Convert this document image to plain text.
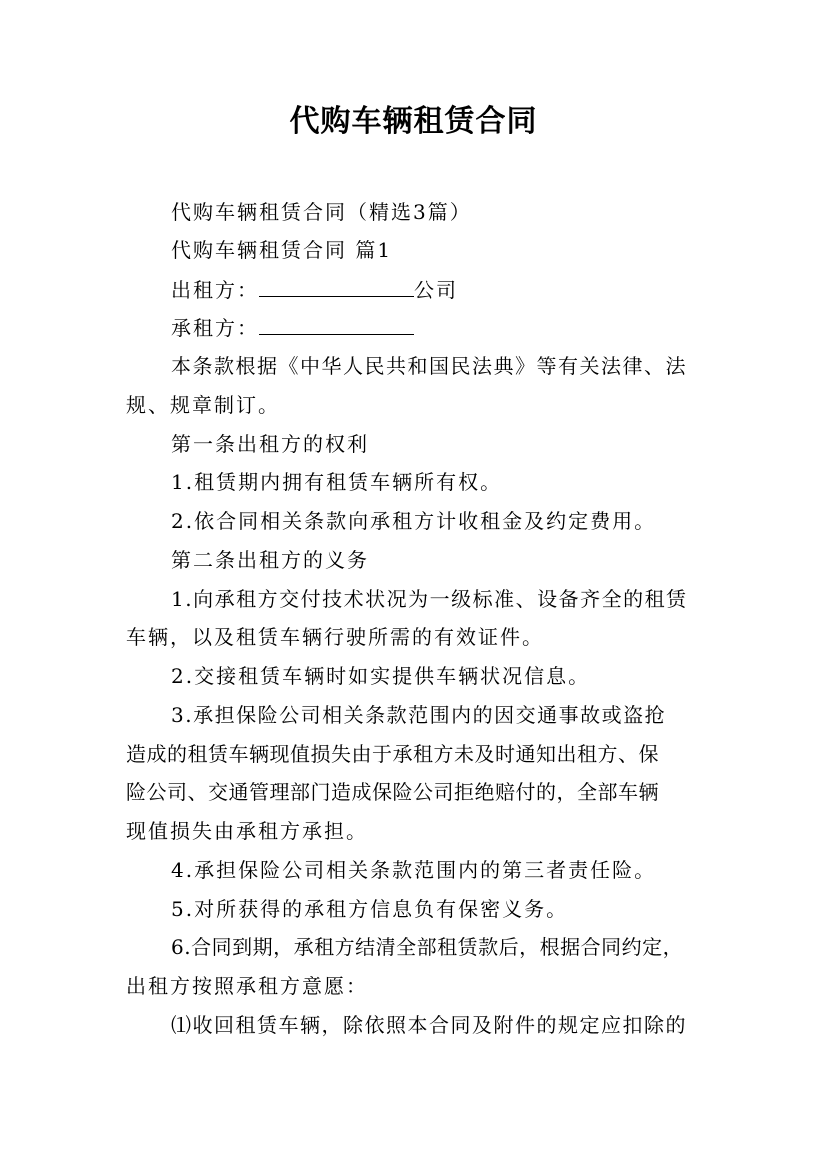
代购车辆租赁合同
代购车辆租赁合同（精选3篇）
代购车辆租赁合同 篇1
出租方：	公司
承租方：
本条款根据《中华人民共和国民法典》等有关法律、法
规、规章制订。
第一条出租方的权利
1.租赁期内拥有租赁车辆所有权。
2.依合同相关条款向承租方计收租金及约定费用。
第二条出租方的义务
1.向承租方交付技术状况为一级标准、设备齐全的租赁
车辆，以及租赁车辆行驶所需的有效证件。
2.交接租赁车辆时如实提供车辆状况信息。
3.承担保险公司相关条款范围内的因交通事故或盗抢
造成的租赁车辆现值损失由于承租方未及时通知出租方、保
险公司、交通管理部门造成保险公司拒绝赔付的，全部车辆
现值损失由承租方承担。
4.承担保险公司相关条款范围内的第三者责任险。
5.对所获得的承租方信息负有保密义务。
6.合同到期，承租方结清全部租赁款后，根据合同约定，
出租方按照承租方意愿：
⑴收回租赁车辆，除依照本合同及附件的规定应扣除的
